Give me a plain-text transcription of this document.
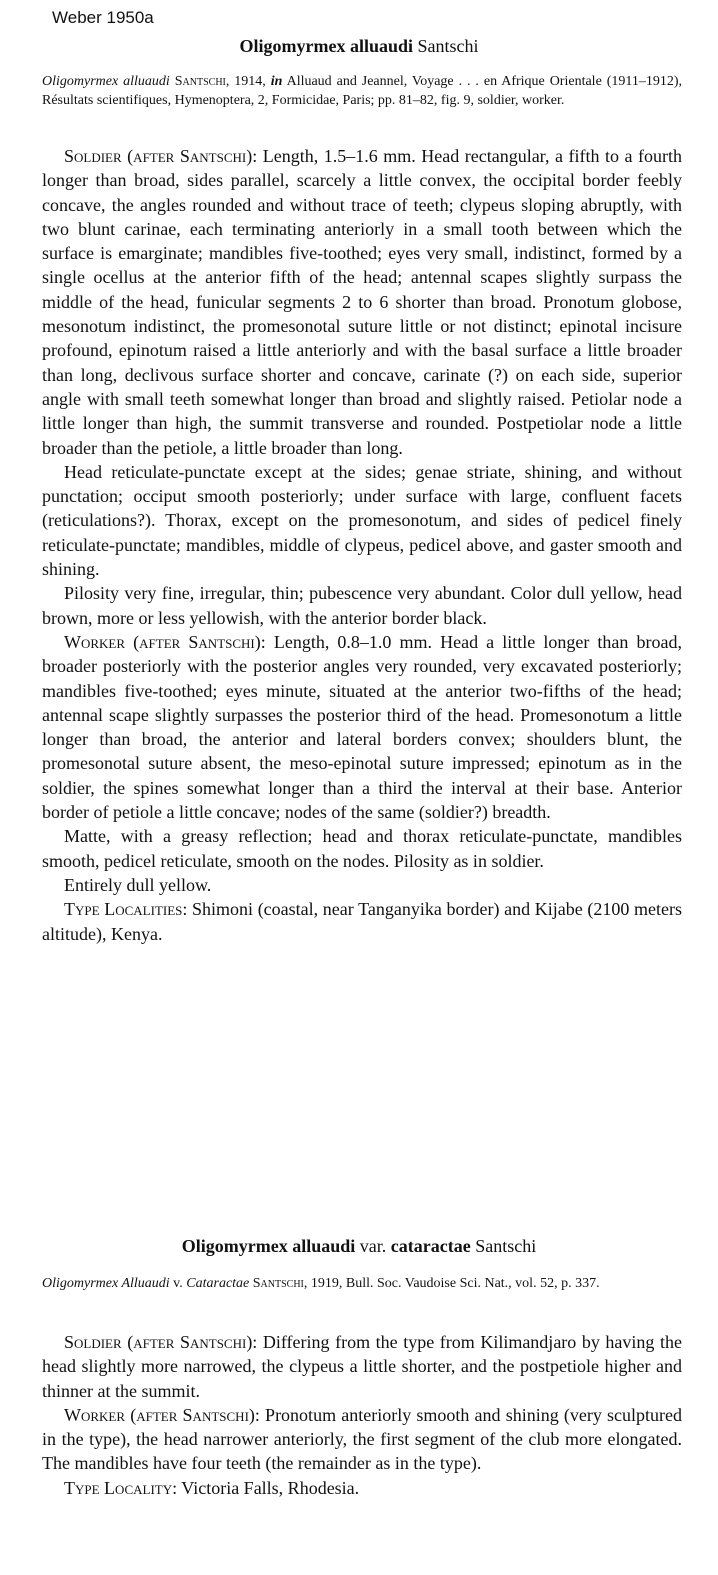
Weber 1950a
Oligomyrmex alluaudi Santschi
Oligomyrmex alluaudi Santschi, 1914, in Alluaud and Jeannel, Voyage . . . en Afrique Orientale (1911–1912), Résultats scientifiques, Hymenoptera, 2, Formicidae, Paris; pp. 81–82, fig. 9, soldier, worker.

Soldier (after Santschi): Length, 1.5–1.6 mm. Head rectangular, a fifth to a fourth longer than broad, sides parallel, scarcely a little convex, the occipital border feebly concave, the angles rounded and without trace of teeth; clypeus sloping abruptly, with two blunt carinae, each terminating anteriorly in a small tooth between which the surface is emarginate; mandibles five-toothed; eyes very small, indistinct, formed by a single ocellus at the anterior fifth of the head; antennal scapes slightly surpass the middle of the head, funicular segments 2 to 6 shorter than broad. Pronotum globose, mesonotum indistinct, the promesonotal suture little or not distinct; epinotal incisure profound, epinotum raised a little anteriorly and with the basal surface a little broader than long, declivous surface shorter and concave, carinate (?) on each side, superior angle with small teeth somewhat longer than broad and slightly raised. Petiolar node a little longer than high, the summit transverse and rounded. Postpetiolar node a little broader than the petiole, a little broader than long.

Head reticulate-punctate except at the sides; genae striate, shining, and without punctation; occiput smooth posteriorly; under surface with large, confluent facets (reticulations?). Thorax, except on the promesonotum, and sides of pedicel finely reticulate-punctate; mandibles, middle of clypeus, pedicel above, and gaster smooth and shining.

Pilosity very fine, irregular, thin; pubescence very abundant. Color dull yellow, head brown, more or less yellowish, with the anterior border black.

Worker (after Santschi): Length, 0.8–1.0 mm. Head a little longer than broad, broader posteriorly with the posterior angles very rounded, very excavated posteriorly; mandibles five-toothed; eyes minute, situated at the anterior two-fifths of the head; antennal scape slightly surpasses the posterior third of the head. Promesonotum a little longer than broad, the anterior and lateral borders convex; shoulders blunt, the promesonotal suture absent, the meso-epinotal suture impressed; epinotum as in the soldier, the spines somewhat longer than a third the interval at their base. Anterior border of petiole a little concave; nodes of the same (soldier?) breadth.

Matte, with a greasy reflection; head and thorax reticulate-punctate, mandibles smooth, pedicel reticulate, smooth on the nodes. Pilosity as in soldier.

Entirely dull yellow.

Type Localities: Shimoni (coastal, near Tanganyika border) and Kijabe (2100 meters altitude), Kenya.

Oligomyrmex alluaudi var. cataractae Santschi
Oligomyrmex Alluaudi v. Cataractae Santschi, 1919, Bull. Soc. Vaudoise Sci. Nat., vol. 52, p. 337.

Soldier (after Santschi): Differing from the type from Kilimandjaro by having the head slightly more narrowed, the clypeus a little shorter, and the postpetiole higher and thinner at the summit.

Worker (after Santschi): Pronotum anteriorly smooth and shining (very sculptured in the type), the head narrower anteriorly, the first segment of the club more elongated. The mandibles have four teeth (the remainder as in the type).

Type Locality: Victoria Falls, Rhodesia.
